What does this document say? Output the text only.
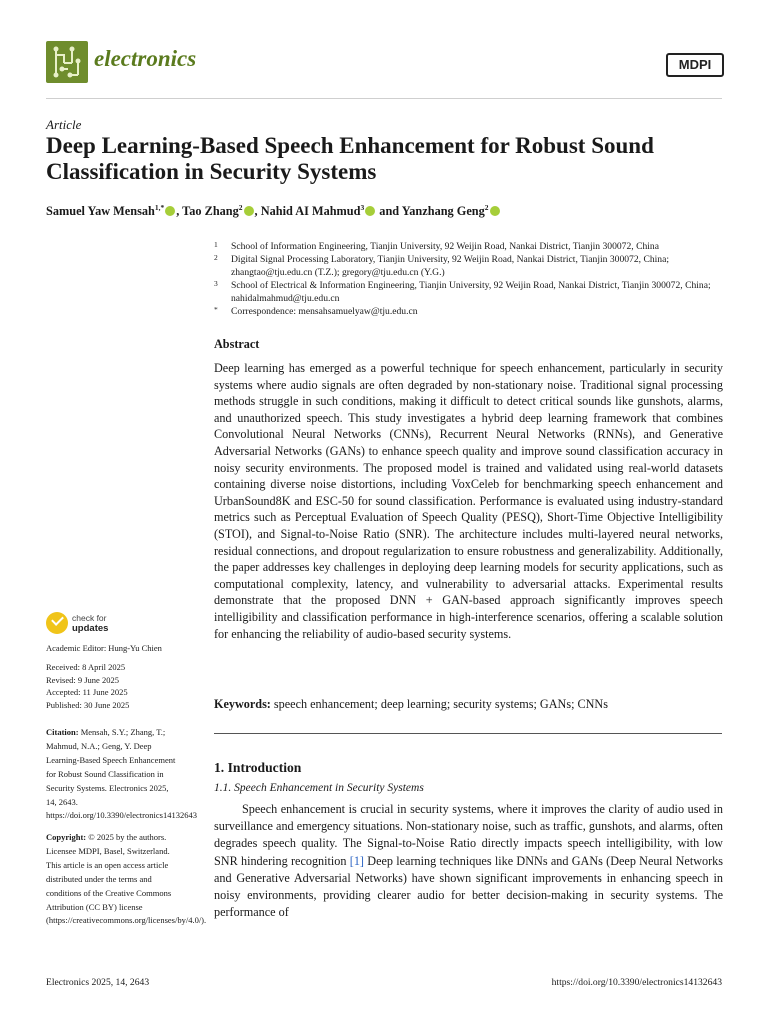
electronics	MDPI
Article
Deep Learning-Based Speech Enhancement for Robust Sound Classification in Security Systems
Samuel Yaw Mensah$^{1,*}$ , Tao Zhang$^2$ , Nahid AI Mahmud$^3$ and Yanzhang Geng$^2$
1 School of Information Engineering, Tianjin University, 92 Weijin Road, Nankai District, Tianjin 300072, China
2 Digital Signal Processing Laboratory, Tianjin University, 92 Weijin Road, Nankai District, Tianjin 300072, China; zhangtao@tju.edu.cn (T.Z.); gregory@tju.edu.cn (Y.G.)
3 School of Electrical & Information Engineering, Tianjin University, 92 Weijin Road, Nankai District, Tianjin 300072, China; nahidalmahmud@tju.edu.cn
* Correspondence: mensahsamuelyaw@tju.edu.cn
Abstract

Deep learning has emerged as a powerful technique for speech enhancement, particularly in security systems where audio signals are often degraded by non-stationary noise. Traditional signal processing methods struggle in such conditions, making it difficult to detect critical sounds like gunshots, alarms, and unauthorized speech. This study investigates a hybrid deep learning framework that combines Convolutional Neural Networks (CNNs), Recurrent Neural Networks (RNNs), and Generative Adversarial Networks (GANs) to enhance speech quality and improve sound classification accuracy in noisy security environments. The proposed model is trained and validated using real-world datasets containing diverse noise distortions, including VoxCeleb for benchmarking speech enhancement and UrbanSound8K and ESC-50 for sound classification. Performance is evaluated using industry-standard metrics such as Perceptual Evaluation of Speech Quality (PESQ), Short-Time Objective Intelligibility (STOI), and Signal-to-Noise Ratio (SNR). The architecture includes multi-layered neural networks, residual connections, and dropout regularization to ensure robustness and generalizability. Additionally, the paper addresses key challenges in deploying deep learning models for security applications, such as computational complexity, latency, and vulnerability to adversarial attacks. Experimental results demonstrate that the proposed DNN + GAN-based approach significantly improves speech intelligibility and classification performance in high-interference scenarios, offering a scalable solution for enhancing the reliability of audio-based security systems.

Keywords: speech enhancement; deep learning; security systems; GANs; CNNs
1. Introduction
1.1. Speech Enhancement in Security Systems

Speech enhancement is crucial in security systems, where it improves the clarity of audio used in surveillance and emergency situations. Non-stationary noise, such as traffic, gunshots, and alarms, often degrades speech quality. The Signal-to-Noise Ratio directly impacts speech intelligibility, with low SNR hindering recognition [1] Deep learning techniques like DNNs and GANs (Deep Neural Networks and Generative Adversarial Networks) have shown significant improvements in enhancing speech in noisy environments, providing clearer audio for better decision-making in security systems. The performance of

check for
updates
Academic Editor: Hung-Yu Chien
Received: 8 April 2025
Revised: 9 June 2025
Accepted: 11 June 2025
Published: 30 June 2025
Citation: Mensah, S.Y.; Zhang, T.; Mahmud, N.A.; Geng, Y. Deep Learning-Based Speech Enhancement for Robust Sound Classification in Security Systems. Electronics 2025, 14, 2643. https://doi.org/10.3390/electronics14132643
Copyright: © 2025 by the authors. Licensee MDPI, Basel, Switzerland. This article is an open access article distributed under the terms and conditions of the Creative Commons Attribution (CC BY) license (https://creativecommons.org/licenses/by/4.0/).
Electronics 2025, 14, 2643	https://doi.org/10.3390/electronics14132643
